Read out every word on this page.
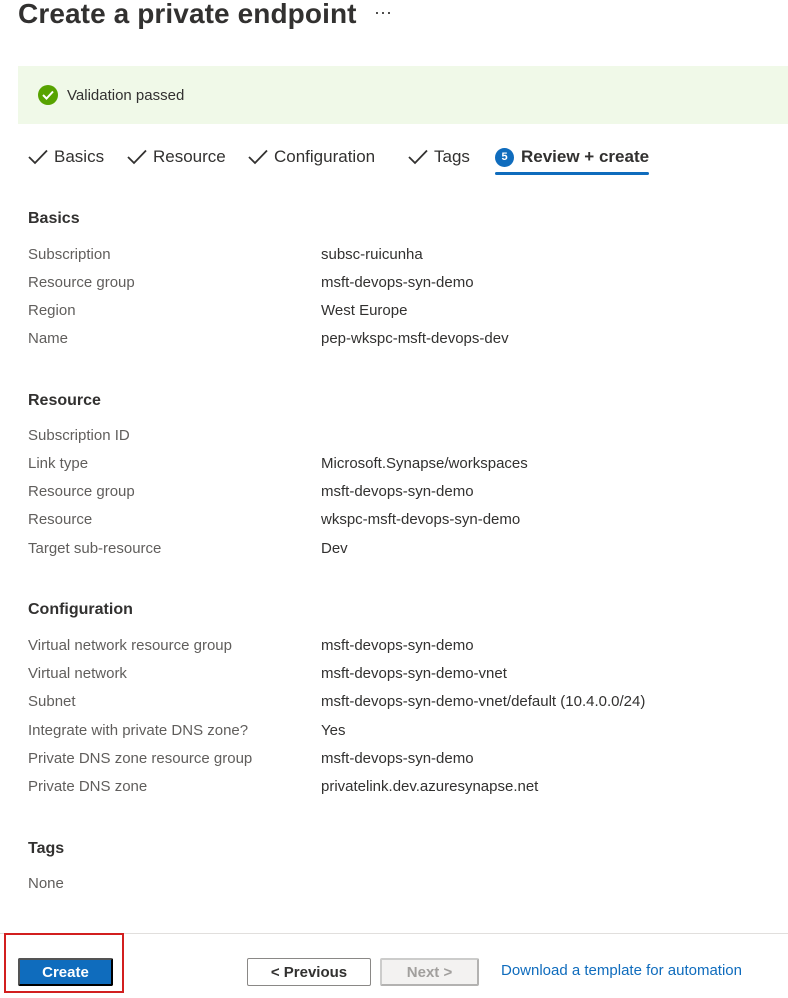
Create a private endpoint ···
Validation passed
Basics	Resource	Configuration	Tags	5 Review + create
Basics
Subscription	subsc-ruicunha
Resource group	msft-devops-syn-demo
Region	West Europe
Name	pep-wkspc-msft-devops-dev
Resource
Subscription ID
Link type	Microsoft.Synapse/workspaces
Resource group	msft-devops-syn-demo
Resource	wkspc-msft-devops-syn-demo
Target sub-resource	Dev
Configuration
Virtual network resource group	msft-devops-syn-demo
Virtual network	msft-devops-syn-demo-vnet
Subnet	msft-devops-syn-demo-vnet/default (10.4.0.0/24)
Integrate with private DNS zone?	Yes
Private DNS zone resource group	msft-devops-syn-demo
Private DNS zone	privatelink.dev.azuresynapse.net
Tags
None
Create	< Previous	Next >	Download a template for automation
